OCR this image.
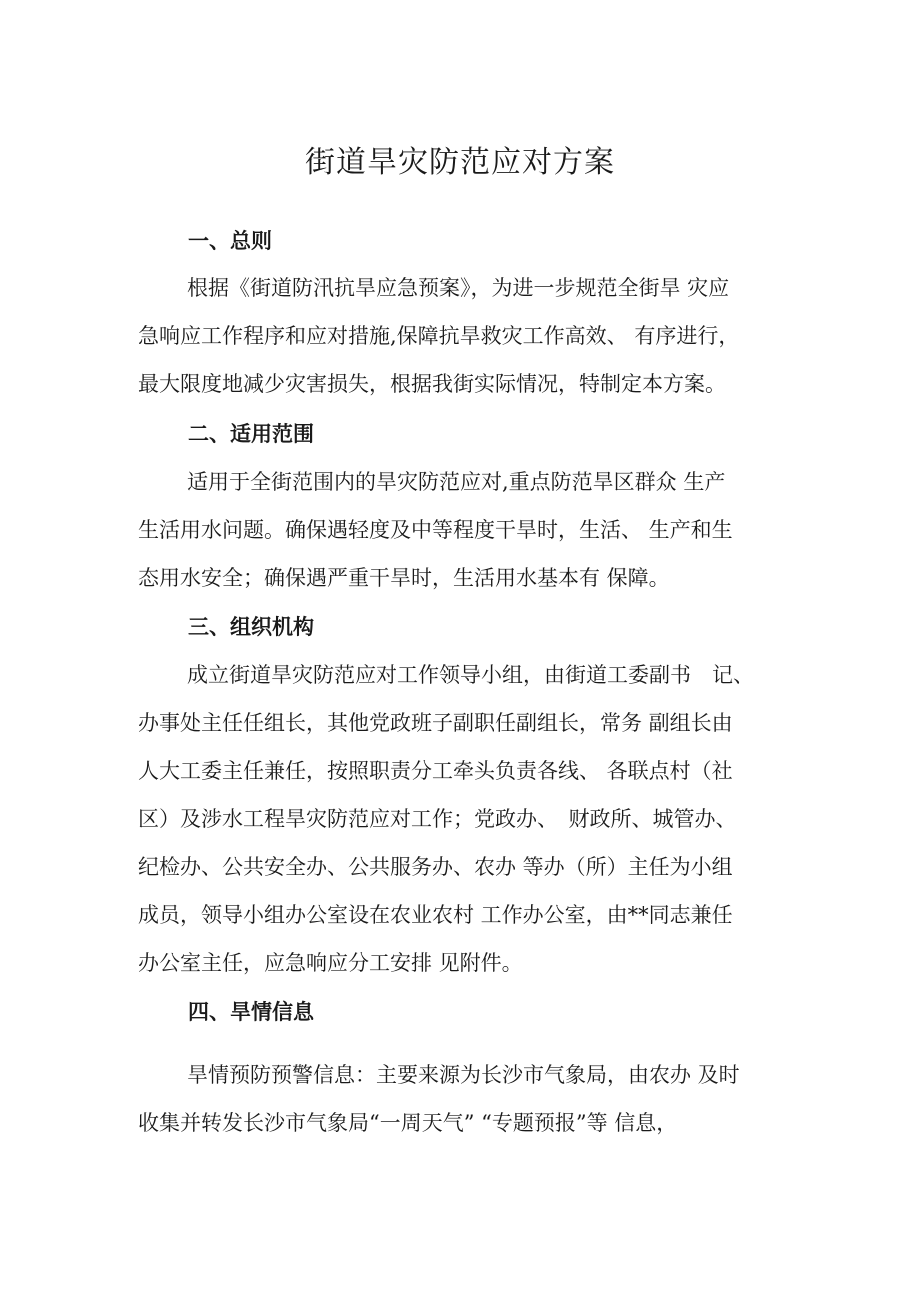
街道旱灾防范应对方案
一、总则
根据《街道防汛抗旱应急预案》，为进一步规范全街旱 灾应
急响应工作程序和应对措施,保障抗旱救灾工作高效、 有序进行，
最大限度地减少灾害损失，根据我街实际情况，特制定本方案。
二、适用范围
适用于全街范围内的旱灾防范应对,重点防范旱区群众 生产
生活用水问题。确保遇轻度及中等程度干旱时，生活、 生产和生
态用水安全；确保遇严重干旱时，生活用水基本有 保障。
三、组织机构
成立街道旱灾防范应对工作领导小组，由街道工委副书　记、
办事处主任任组长，其他党政班子副职任副组长，常务 副组长由
人大工委主任兼任，按照职责分工牵头负责各线、 各联点村（社
区）及涉水工程旱灾防范应对工作；党政办、　财政所、城管办、
纪检办、公共安全办、公共服务办、农办 等办（所）主任为小组
成员，领导小组办公室设在农业农村 工作办公室，由**同志兼任
办公室主任，应急响应分工安排 见附件。
四、旱情信息
旱情预防预警信息：主要来源为长沙市气象局，由农办 及时
收集并转发长沙市气象局“一周天气” “专题预报”等 信息，
